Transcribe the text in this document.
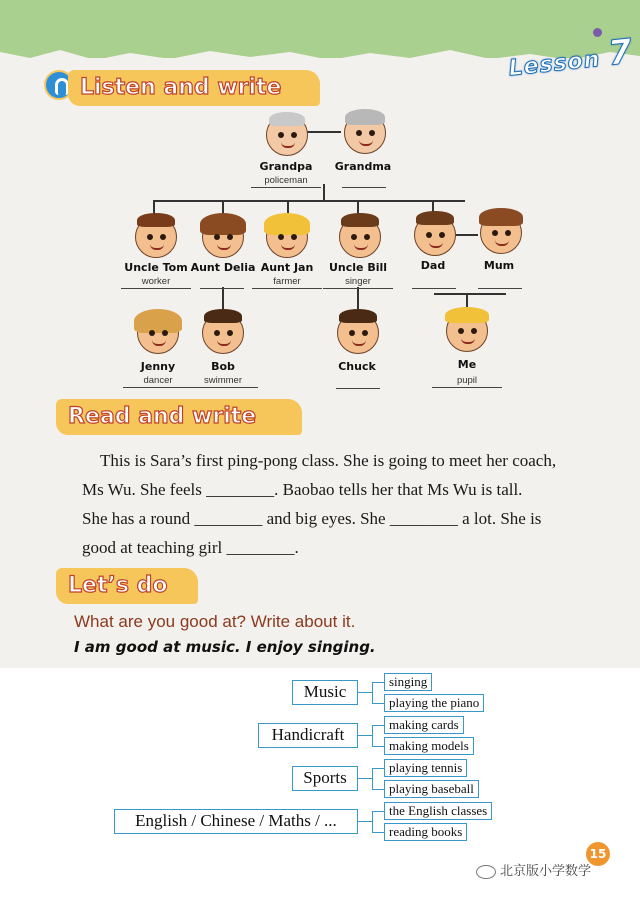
Lesson 7
Listen and write
Grandpa
policeman
Grandma
Uncle Tom
worker
Aunt Delia Aunt Jan
farmer
Uncle Bill
singer
Dad	Mum
Jenny
dancer
Bob
swimmer
Chuck	Me
pupil
Read and write

This is Sara’s first ping-pong class. She is going to meet her coach,

Ms Wu. She feels ________. Baobao tells her that Ms Wu is tall.

She has a round ________ and big eyes. She ________ a lot. She is

good at teaching girl ________.

Let’s do
What are you good at? Write about it.
I am good at music. I enjoy singing.
Music
singing
playing the piano
Handicraft
making cards
making models
Sports
playing tennis
playing baseball
English / Chinese / Maths / ...
the English classes
reading books
15
北京版小学数学
